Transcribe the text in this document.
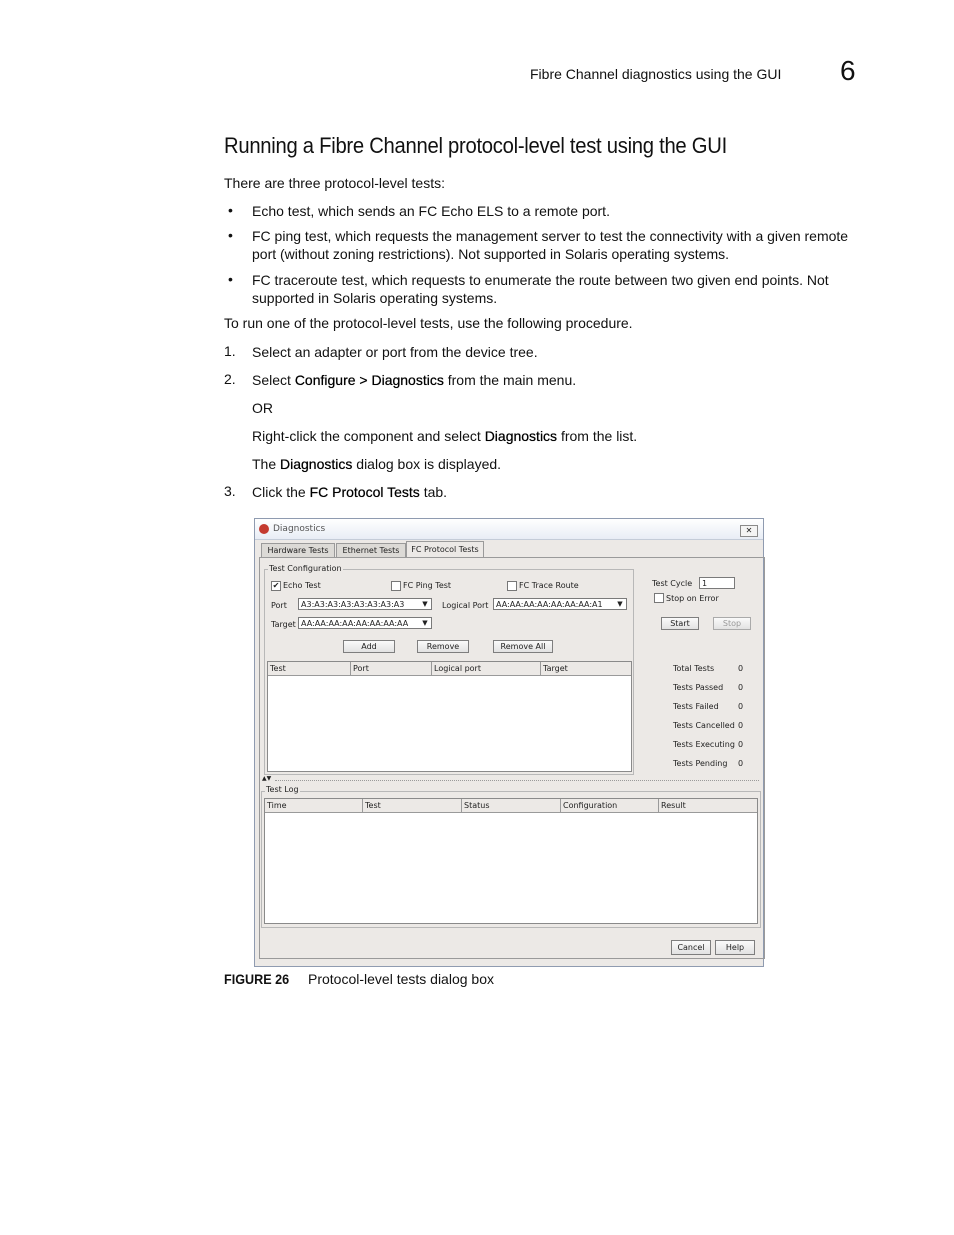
Fibre Channel diagnostics using the GUI 6
Running a Fibre Channel protocol-level test using the GUI
There are three protocol-level tests:
• Echo test, which sends an FC Echo ELS to a remote port.
• FC ping test, which requests the management server to test the connectivity with a given remote port (without zoning restrictions). Not supported in Solaris operating systems.
• FC traceroute test, which requests to enumerate the route between two given end points. Not supported in Solaris operating systems.
To run one of the protocol-level tests, use the following procedure.
1. Select an adapter or port from the device tree.
2. Select Configure > Diagnostics from the main menu.
OR
Right-click the component and select Diagnostics from the list.
The Diagnostics dialog box is displayed.
3. Click the FC Protocol Tests tab.
Diagnostics	✕
Hardware Tests	Ethernet Tests	FC Protocol Tests
Test Configuration
✔ Echo Test	FC Ping Test	FC Trace Route
Port	A3:A3:A3:A3:A3:A3:A3:A3	▼	Logical Port AA:AA:AA:AA:AA:AA:AA:A1	▼
Target AA:AA:AA:AA:AA:AA:AA:AA	▼
Add	Remove	Remove All
Test	Port	Logical port	Target
Test Cycle	1
Stop on Error
Start	Stop
Total Tests	0
Tests Passed 0
Tests Failed 0
Tests Cancelled 0
Tests Executing 0
Tests Pending 0
▲▼
Test Log
Time	Test	Status	Configuration	Result
Cancel	Help
FIGURE 26 Protocol-level tests dialog box
